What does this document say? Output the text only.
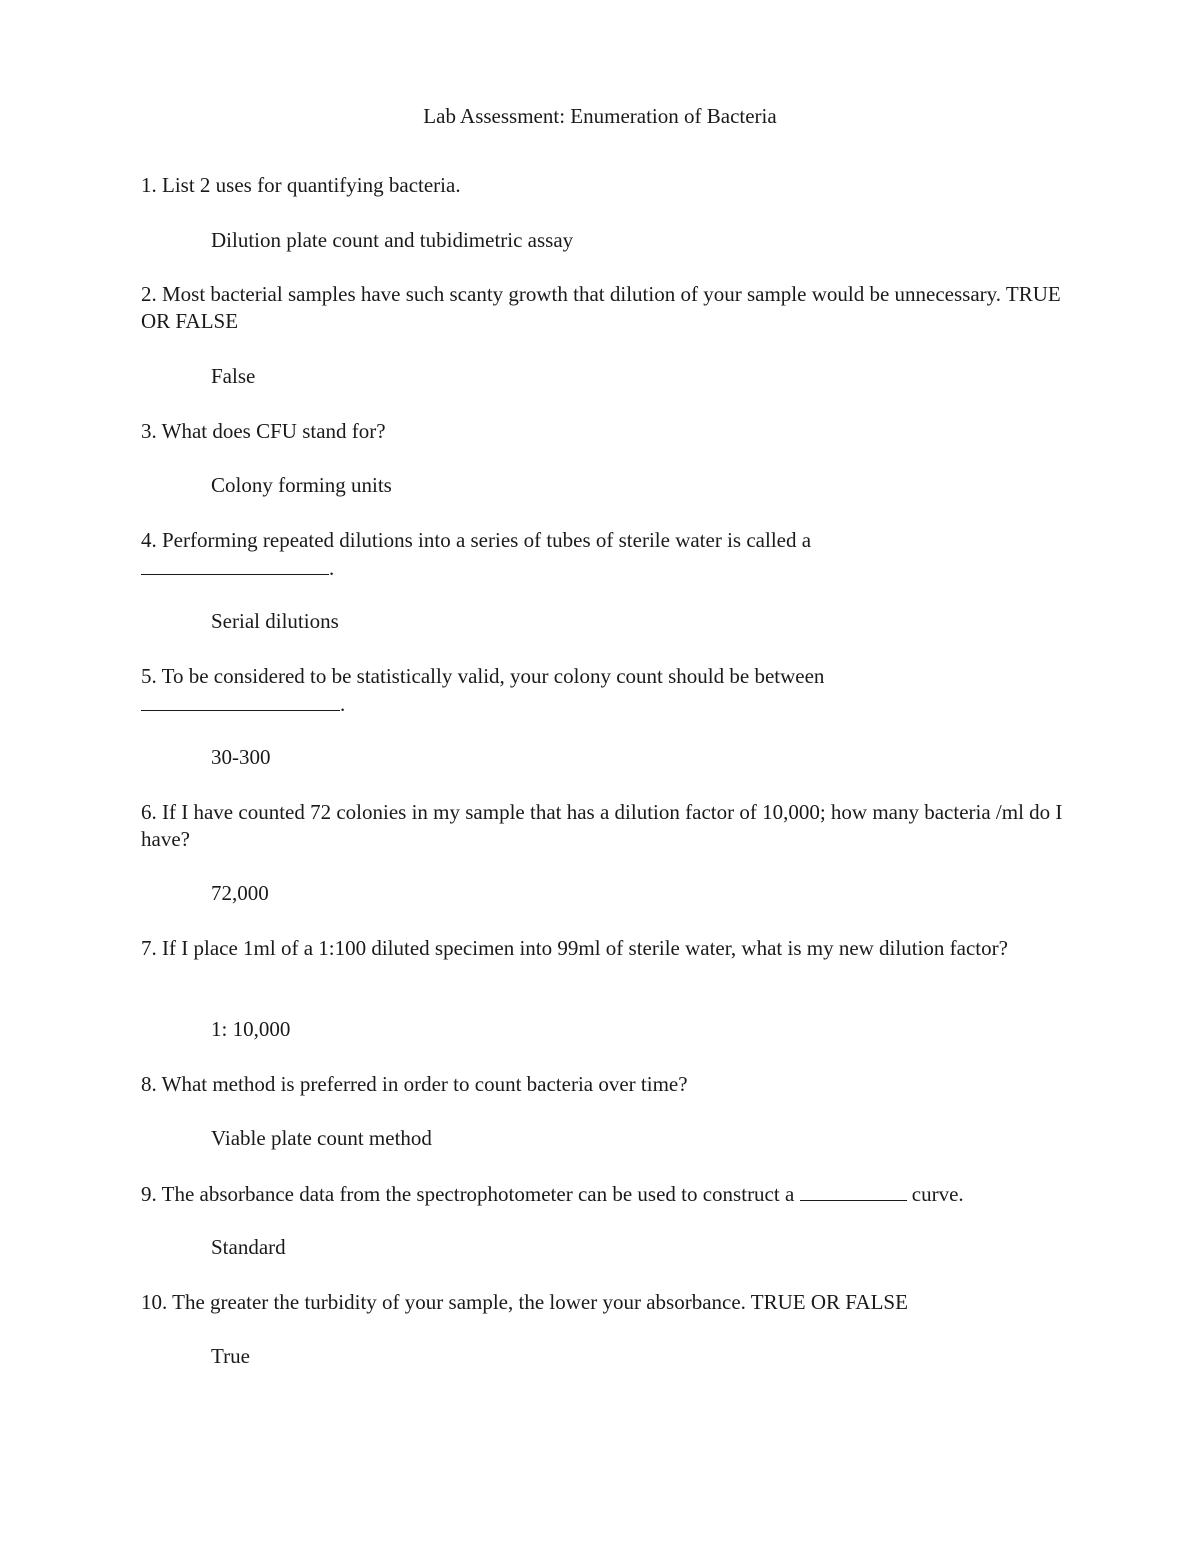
Lab Assessment: Enumeration of Bacteria

1. List 2 uses for quantifying bacteria.

Dilution plate count and tubidimetric assay

2. Most bacterial samples have such scanty growth that dilution of your sample would be unnecessary. TRUE OR FALSE

False

3. What does CFU stand for?

Colony forming units

4. Performing repeated dilutions into a series of tubes of sterile water is called a
.

Serial dilutions

5. To be considered to be statistically valid, your colony count should be between
.

30-300

6. If I have counted 72 colonies in my sample that has a dilution factor of 10,000; how many bacteria /ml do I have?

72,000

7. If I place 1ml of a 1:100 diluted specimen into 99ml of sterile water, what is my new dilution factor?

1: 10,000

8. What method is preferred in order to count bacteria over time?

Viable plate count method

9. The absorbance data from the spectrophotometer can be used to construct a	curve.

Standard

10. The greater the turbidity of your sample, the lower your absorbance. TRUE OR FALSE

True
